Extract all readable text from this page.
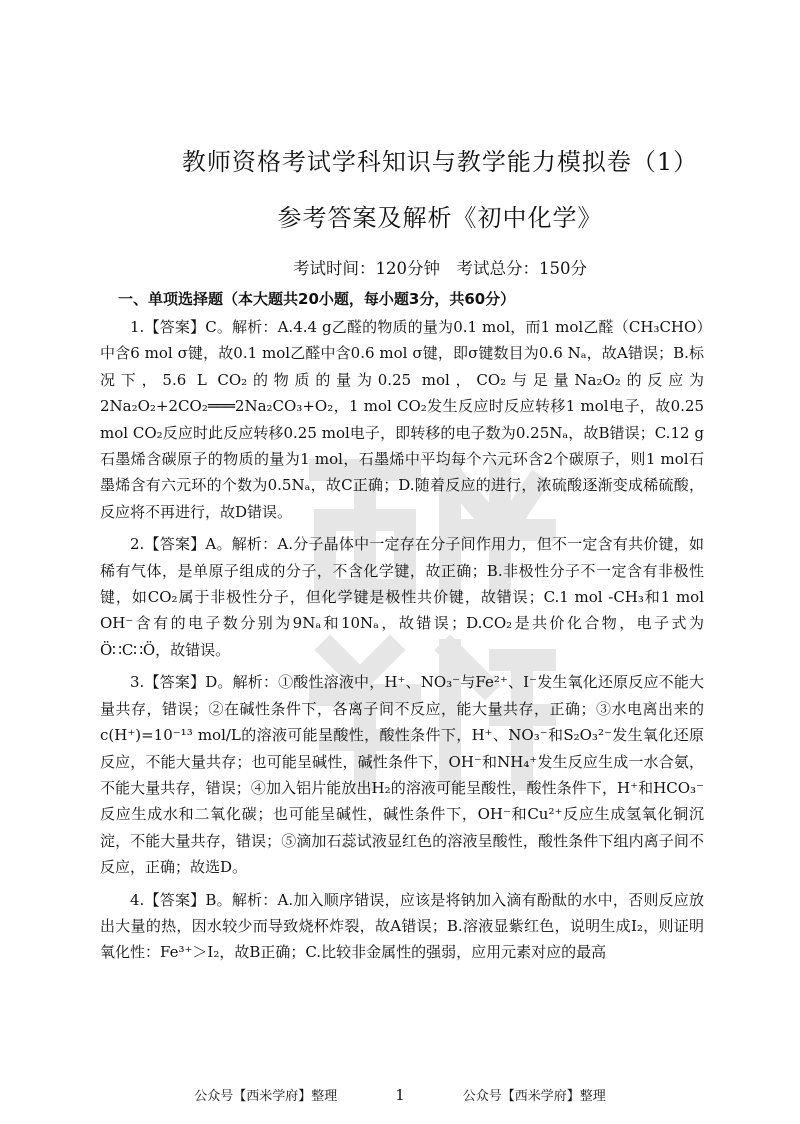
教师资格考试学科知识与教学能力模拟卷（1）
参考答案及解析《初中化学》
考试时间：120分钟　考试总分：150分
一、单项选择题（本大题共20小题，每小题3分，共60分）

1.【答案】C。解析：A.4.4 g乙醛的物质的量为0.1 mol，而1 mol乙醛（CH₃CHO）中含6 mol σ键，故0.1 mol乙醛中含0.6 mol σ键，即σ键数目为0.6 Nₐ，故A错误；B.标况下，5.6 L CO₂的物质的量为0.25 mol，CO₂与足量Na₂O₂的反应为2Na₂O₂+2CO₂═══2Na₂CO₃+O₂，1 mol CO₂发生反应时反应转移1 mol电子，故0.25 mol CO₂反应时此反应转移0.25 mol电子，即转移的电子数为0.25Nₐ，故B错误；C.12 g石墨烯含碳原子的物质的量为1 mol，石墨烯中平均每个六元环含2个碳原子，则1 mol石墨烯含有六元环的个数为0.5Nₐ，故C正确；D.随着反应的进行，浓硫酸逐渐变成稀硫酸，反应将不再进行，故D错误。

2.【答案】A。解析：A.分子晶体中一定存在分子间作用力，但不一定含有共价键，如稀有气体，是单原子组成的分子，不含化学键，故正确；B.非极性分子不一定含有非极性键，如CO₂属于非极性分子，但化学键是极性共价键，故错误；C.1 mol -CH₃和1 mol OH⁻含有的电子数分别为9Nₐ和10Nₐ，故错误；D.CO₂是共价化合物，电子式为Ö∷C∷Ö，故错误。

3.【答案】D。解析：①酸性溶液中，H⁺、NO₃⁻与Fe²⁺、I⁻发生氧化还原反应不能大量共存，错误；②在碱性条件下，各离子间不反应，能大量共存，正确；③水电离出来的c(H⁺)=10⁻¹³ mol/L的溶液可能呈酸性，酸性条件下，H⁺、NO₃⁻和S₂O₃²⁻发生氧化还原反应，不能大量共存；也可能呈碱性，碱性条件下，OH⁻和NH₄⁺发生反应生成一水合氨，不能大量共存，错误；④加入铝片能放出H₂的溶液可能呈酸性，酸性条件下，H⁺和HCO₃⁻反应生成水和二氧化碳；也可能呈碱性，碱性条件下，OH⁻和Cu²⁺反应生成氢氧化铜沉淀，不能大量共存，错误；⑤滴加石蕊试液显红色的溶液呈酸性，酸性条件下组内离子间不反应，正确；故选D。

4.【答案】B。解析：A.加入顺序错误，应该是将钠加入滴有酚酞的水中，否则反应放出大量的热，因水较少而导致烧杯炸裂，故A错误；B.溶液显紫红色，说明生成I₂，则证明氧化性：Fe³⁺＞I₂，故B正确；C.比较非金属性的强弱，应用元素对应的最高

公众号【西米学府】整理	1	公众号【西米学府】整理
